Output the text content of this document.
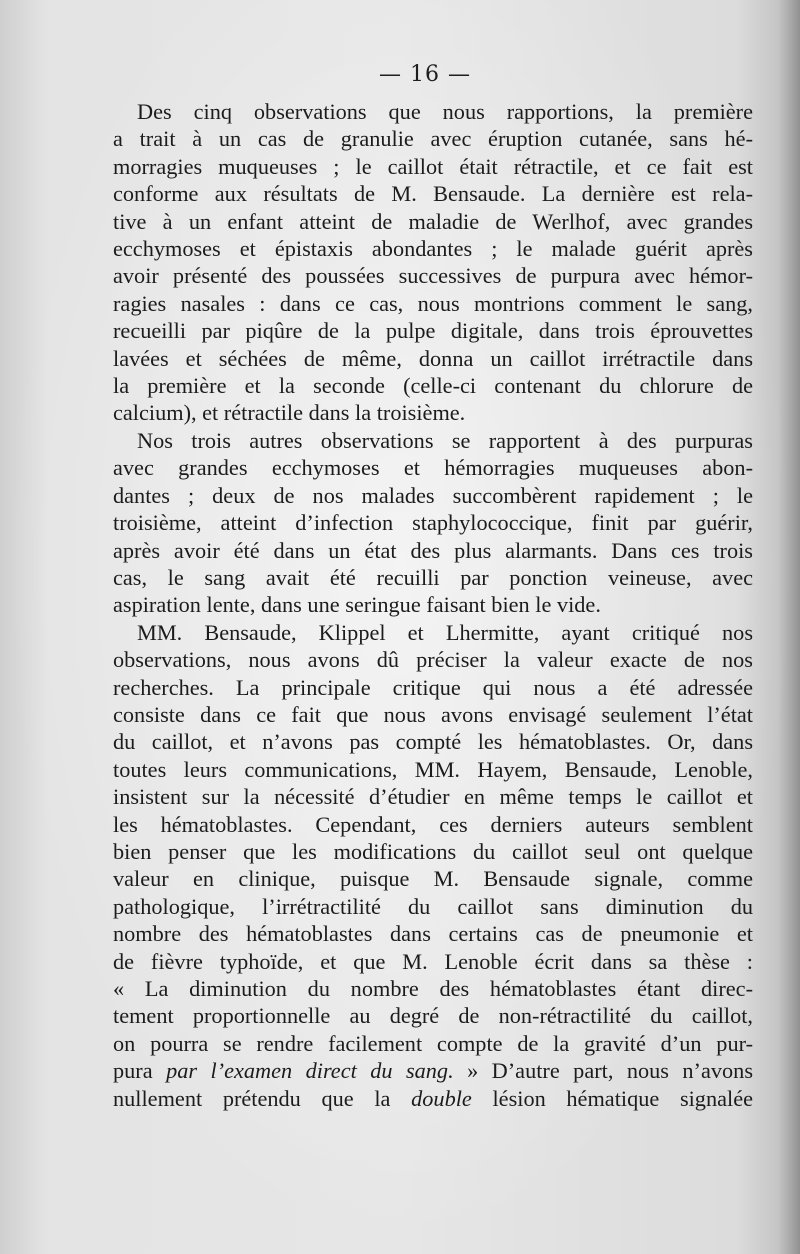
— 16 —
Des cinq observations que nous rapportions, la première
a trait à un cas de granulie avec éruption cutanée, sans hé-
morragies muqueuses ; le caillot était rétractile, et ce fait est
conforme aux résultats de M. Bensaude. La dernière est rela-
tive à un enfant atteint de maladie de Werlhof, avec grandes
ecchymoses et épistaxis abondantes ; le malade guérit après
avoir présenté des poussées successives de purpura avec hémor-
ragies nasales : dans ce cas, nous montrions comment le sang,
recueilli par piqûre de la pulpe digitale, dans trois éprouvettes
lavées et séchées de même, donna un caillot irrétractile dans
la première et la seconde (celle-ci contenant du chlorure de
calcium), et rétractile dans la troisième.
Nos trois autres observations se rapportent à des purpuras
avec grandes ecchymoses et hémorragies muqueuses abon-
dantes ; deux de nos malades succombèrent rapidement ; le
troisième, atteint d’infection staphylococcique, finit par guérir,
après avoir été dans un état des plus alarmants. Dans ces trois
cas, le sang avait été recuilli par ponction veineuse, avec
aspiration lente, dans une seringue faisant bien le vide.
MM. Bensaude, Klippel et Lhermitte, ayant critiqué nos
observations, nous avons dû préciser la valeur exacte de nos
recherches. La principale critique qui nous a été adressée
consiste dans ce fait que nous avons envisagé seulement l’état
du caillot, et n’avons pas compté les hématoblastes. Or, dans
toutes leurs communications, MM. Hayem, Bensaude, Lenoble,
insistent sur la nécessité d’étudier en même temps le caillot et
les hématoblastes. Cependant, ces derniers auteurs semblent
bien penser que les modifications du caillot seul ont quelque
valeur en clinique, puisque M. Bensaude signale, comme
pathologique, l’irrétractilité du caillot sans diminution du
nombre des hématoblastes dans certains cas de pneumonie et
de fièvre typhoïde, et que M. Lenoble écrit dans sa thèse :
« La diminution du nombre des hématoblastes étant direc-
tement proportionnelle au degré de non-rétractilité du caillot,
on pourra se rendre facilement compte de la gravité d’un pur-
pura par l’examen direct du sang. » D’autre part, nous n’avons
nullement prétendu que la double lésion hématique signalée
